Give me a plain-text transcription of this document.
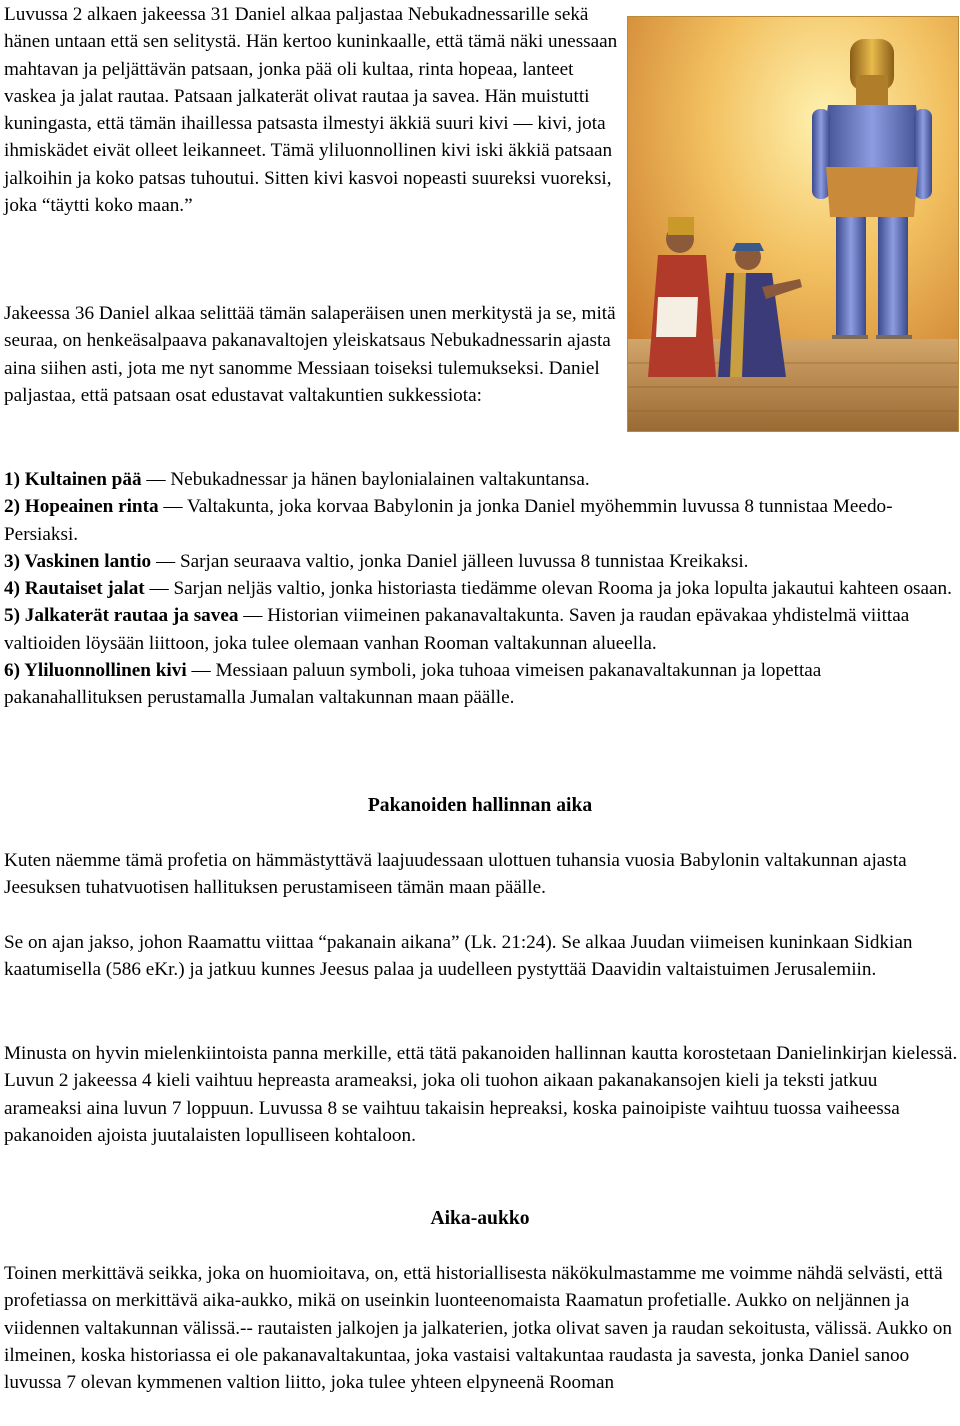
Luvussa 2 alkaen jakeessa 31 Daniel alkaa paljastaa Nebukadnessarille sekä hänen untaan että sen selitystä. Hän kertoo kuninkaalle, että tämä näki unessaan mahtavan ja peljättävän patsaan, jonka pää oli kultaa, rinta hopeaa, lanteet vaskea ja jalat rautaa. Patsaan jalkaterät olivat rautaa ja savea. Hän muistutti kuningasta, että tämän ihaillessa patsasta ilmestyi äkkiä suuri kivi — kivi, jota ihmiskädet eivät olleet leikanneet. Tämä yliluonnollinen kivi iski äkkiä patsaan jalkoihin ja koko patsas tuhoutui. Sitten kivi kasvoi nopeasti suureksi vuoreksi, joka “täytti koko maan.”

Jakeessa 36 Daniel alkaa selittää tämän salaperäisen unen merkitystä ja se, mitä seuraa, on henkeäsalpaava pakanavaltojen yleiskatsaus Nebukadnessarin ajasta aina siihen asti, jota me nyt sanomme Messiaan toiseksi tulemukseksi. Daniel paljastaa, että patsaan osat edustavat valtakuntien sukkessiota:

1) Kultainen pää — Nebukadnessar ja hänen baylonialainen valtakuntansa.

2) Hopeainen rinta — Valtakunta, joka korvaa Babylonin ja jonka Daniel myöhemmin luvussa 8 tunnistaa Meedo-Persiaksi.

3) Vaskinen lantio — Sarjan seuraava valtio, jonka Daniel jälleen luvussa 8 tunnistaa Kreikaksi.

4) Rautaiset jalat — Sarjan neljäs valtio, jonka historiasta tiedämme olevan Rooma ja joka lopulta jakautui kahteen osaan.

5) Jalkaterät rautaa ja savea — Historian viimeinen pakanavaltakunta. Saven ja raudan epävakaa yhdistelmä viittaa valtioiden löysään liittoon, joka tulee olemaan vanhan Rooman valtakunnan alueella.

6) Yliluonnollinen kivi — Messiaan paluun symboli, joka tuhoaa vimeisen pakanavaltakunnan ja lopettaa pakanahallituksen perustamalla Jumalan valtakunnan maan päälle.

Pakanoiden hallinnan aika

Kuten näemme tämä profetia on hämmästyttävä laajuudessaan ulottuen tuhansia vuosia Babylonin valtakunnan ajasta Jeesuksen tuhatvuotisen hallituksen perustamiseen tämän maan päälle.

Se on ajan jakso, johon Raamattu viittaa “pakanain aikana” (Lk. 21:24). Se alkaa Juudan viimeisen kuninkaan Sidkian kaatumisella (586 eKr.) ja jatkuu kunnes Jeesus palaa ja uudelleen pystyttää Daavidin valtaistuimen Jerusalemiin.

Minusta on hyvin mielenkiintoista panna merkille, että tätä pakanoiden hallinnan kautta korostetaan Danielinkirjan kielessä. Luvun 2 jakeessa 4 kieli vaihtuu hepreasta arameaksi, joka oli tuohon aikaan pakanakansojen kieli ja teksti jatkuu arameaksi aina luvun 7 loppuun. Luvussa 8 se vaihtuu takaisin hepreaksi, koska painoipiste vaihtuu tuossa vaiheessa pakanoiden ajoista juutalaisten lopulliseen kohtaloon.

Aika-aukko

Toinen merkittävä seikka, joka on huomioitava, on, että historiallisesta näkökulmastamme me voimme nähdä selvästi, että profetiassa on merkittävä aika-aukko, mikä on useinkin luonteenomaista Raamatun profetialle. Aukko on neljännen ja viidennen valtakunnan välissä.-- rautaisten jalkojen ja jalkaterien, jotka olivat saven ja raudan sekoitusta, välissä. Aukko on ilmeinen, koska historiassa ei ole pakanavaltakuntaa, joka vastaisi valtakuntaa raudasta ja savesta, jonka Daniel sanoo luvussa 7 olevan kymmenen valtion liitto, joka tulee yhteen elpyneenä Rooman
